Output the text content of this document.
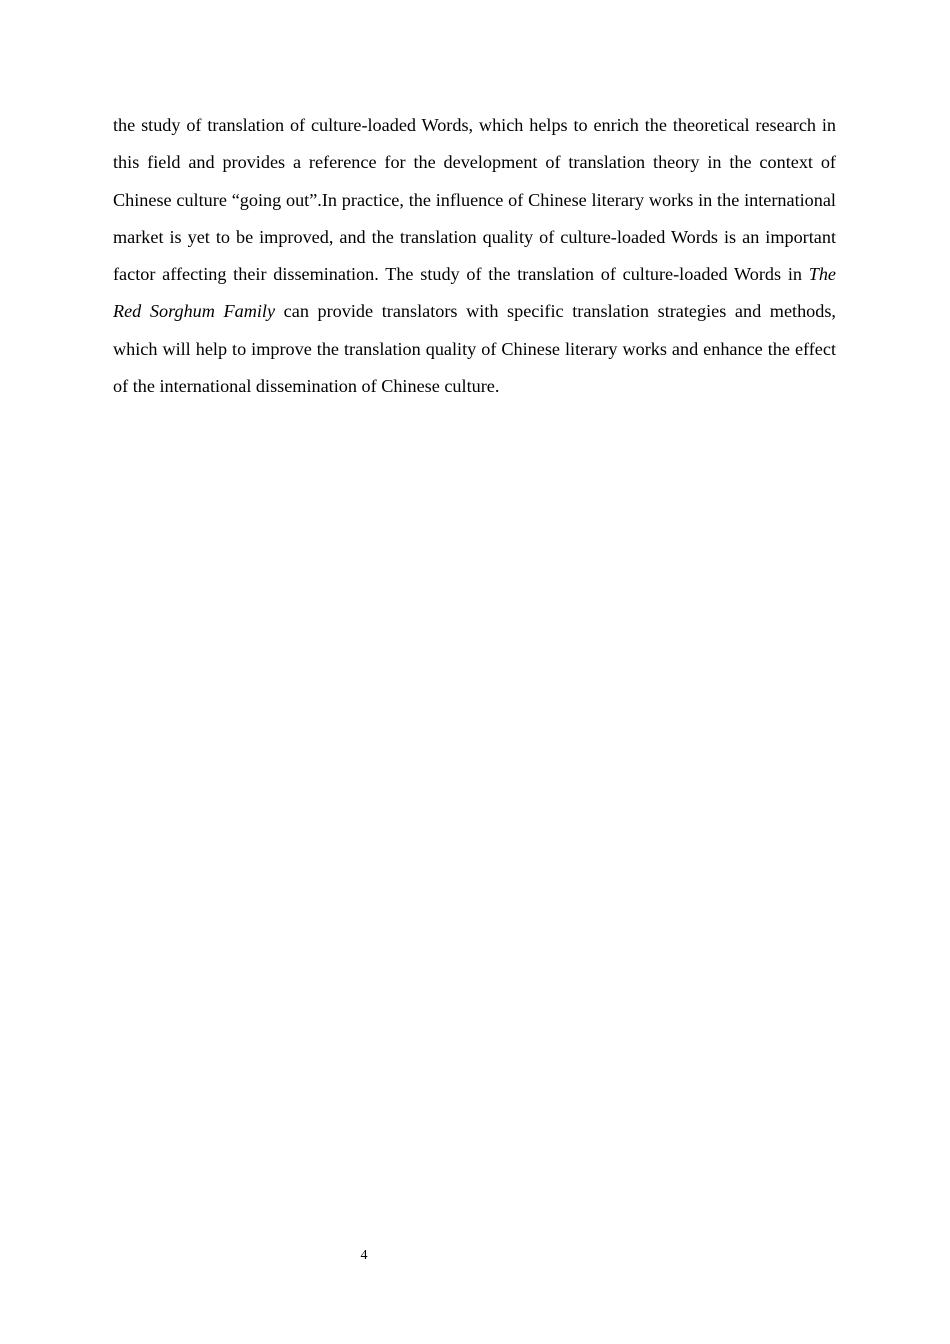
the study of translation of culture-loaded Words, which helps to enrich the theoretical research in this field and provides a reference for the development of translation theory in the context of Chinese culture “going out”.In practice, the influence of Chinese literary works in the international market is yet to be improved, and the translation quality of culture-loaded Words is an important factor affecting their dissemination. The study of the translation of culture-loaded Words in The Red Sorghum Family can provide translators with specific translation strategies and methods, which will help to improve the translation quality of Chinese literary works and enhance the effect of the international dissemination of Chinese culture.

4
